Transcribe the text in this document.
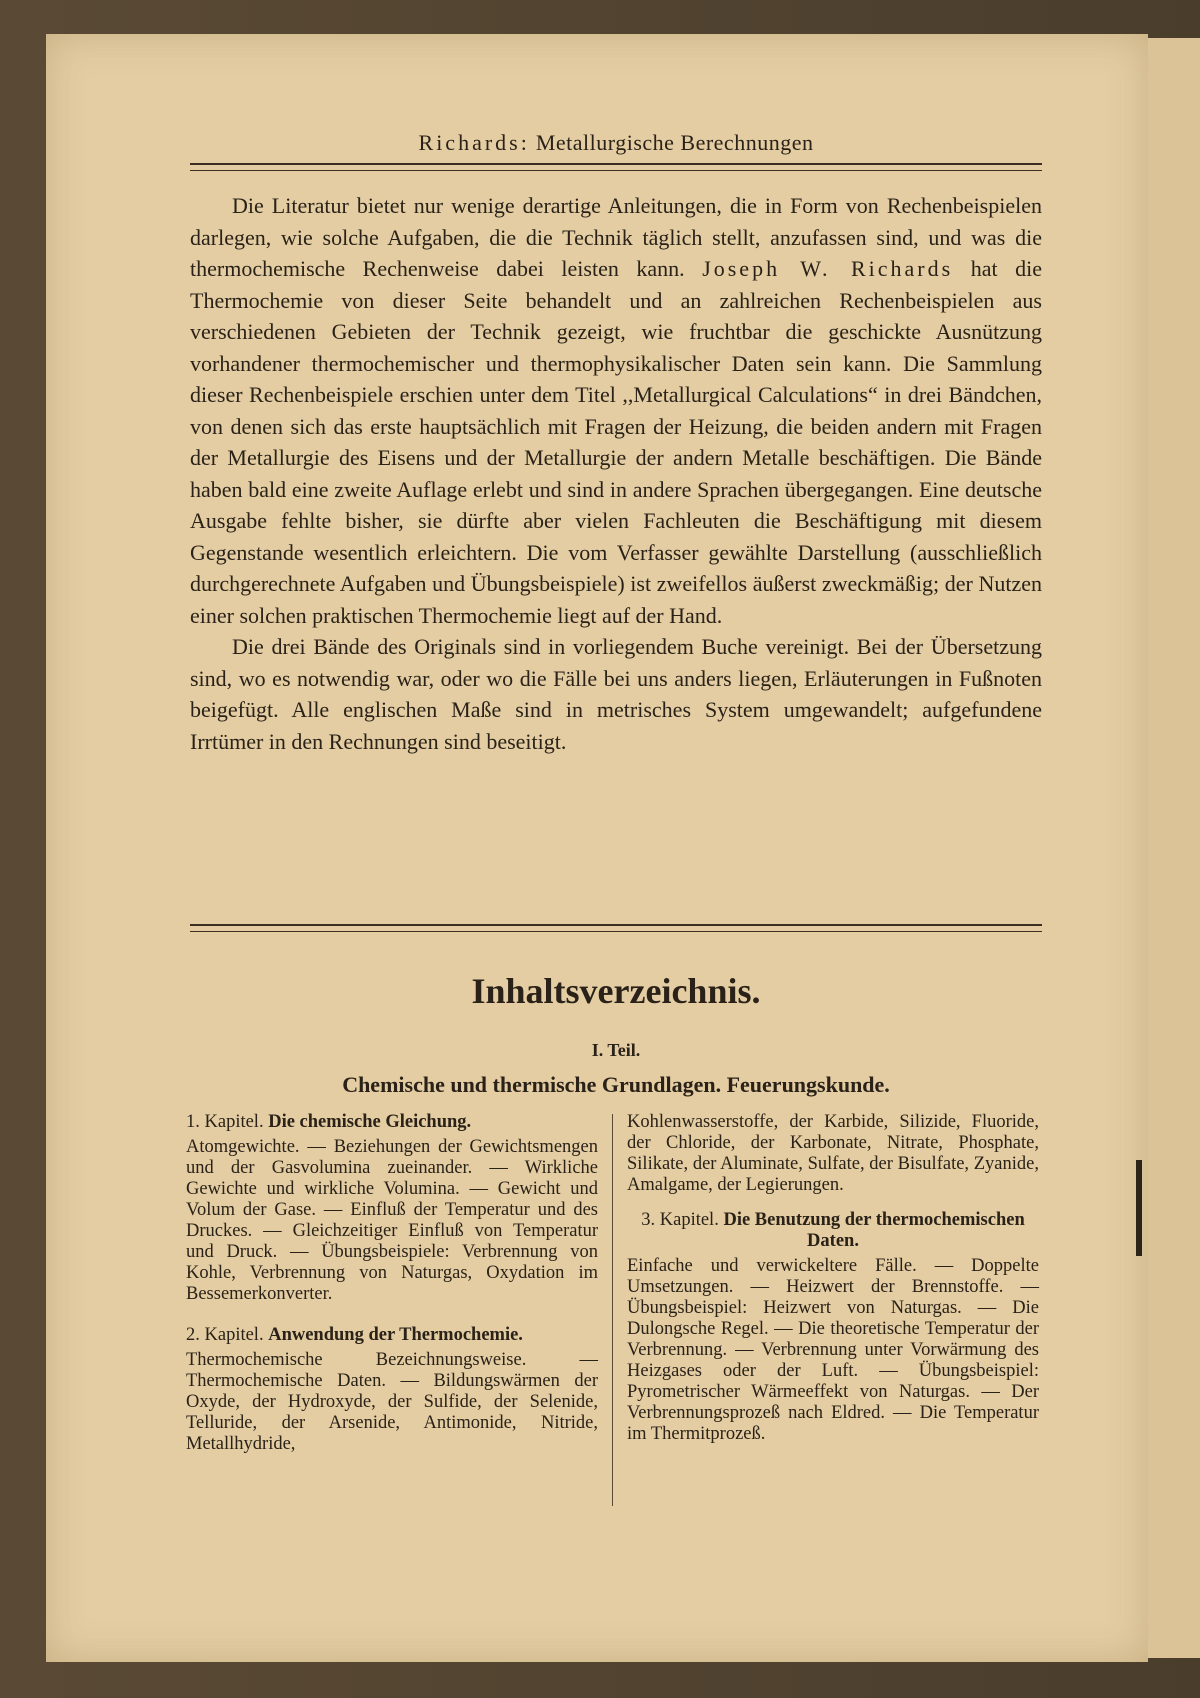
Richards: Metallurgische Berechnungen

Die Literatur bietet nur wenige derartige Anleitungen, die in Form von Rechenbeispielen darlegen, wie solche Aufgaben, die die Technik täglich stellt, anzufassen sind, und was die thermochemische Rechenweise dabei leisten kann. Joseph W. Richards hat die Thermochemie von dieser Seite behandelt und an zahlreichen Rechenbeispielen aus verschiedenen Gebieten der Technik gezeigt, wie fruchtbar die geschickte Ausnützung vorhandener thermochemischer und thermophysikalischer Daten sein kann. Die Sammlung dieser Rechenbeispiele erschien unter dem Titel ,,Metallurgical Calculations“ in drei Bändchen, von denen sich das erste hauptsächlich mit Fragen der Heizung, die beiden andern mit Fragen der Metallurgie des Eisens und der Metallurgie der andern Metalle beschäftigen. Die Bände haben bald eine zweite Auflage erlebt und sind in andere Sprachen übergegangen. Eine deutsche Ausgabe fehlte bisher, sie dürfte aber vielen Fachleuten die Beschäftigung mit diesem Gegenstande wesentlich erleichtern. Die vom Verfasser gewählte Darstellung (ausschließlich durchgerechnete Aufgaben und Übungsbeispiele) ist zweifellos äußerst zweckmäßig; der Nutzen einer solchen praktischen Thermochemie liegt auf der Hand.

Die drei Bände des Originals sind in vorliegendem Buche vereinigt. Bei der Übersetzung sind, wo es notwendig war, oder wo die Fälle bei uns anders liegen, Erläuterungen in Fußnoten beigefügt. Alle englischen Maße sind in metrisches System umgewandelt; aufgefundene Irrtümer in den Rechnungen sind beseitigt.

Inhaltsverzeichnis.
I. Teil.
Chemische und thermische Grundlagen. Feuerungskunde.
1. Kapitel. Die chemische Gleichung.
Atomgewichte. — Beziehungen der Gewichtsmengen und der Gasvolumina zueinander. — Wirkliche Gewichte und wirkliche Volumina. — Gewicht und Volum der Gase. — Einfluß der Temperatur und des Druckes. — Gleichzeitiger Einfluß von Temperatur und Druck. — Übungsbeispiele: Verbrennung von Kohle, Verbrennung von Naturgas, Oxydation im Bessemerkonverter.
2. Kapitel. Anwendung der Thermochemie.
Thermochemische Bezeichnungsweise. — Thermochemische Daten. — Bildungswärmen der Oxyde, der Hydroxyde, der Sulfide, der Selenide, Telluride, der Arsenide, Antimonide, Nitride, Metallhydride,
Kohlenwasserstoffe, der Karbide, Silizide, Fluoride, der Chloride, der Karbonate, Nitrate, Phosphate, Silikate, der Aluminate, Sulfate, der Bisulfate, Zyanide, Amalgame, der Legierungen.
3. Kapitel. Die Benutzung der thermochemischen Daten.
Einfache und verwickeltere Fälle. — Doppelte Umsetzungen. — Heizwert der Brennstoffe. — Übungsbeispiel: Heizwert von Naturgas. — Die Dulongsche Regel. — Die theoretische Temperatur der Verbrennung. — Verbrennung unter Vorwärmung des Heizgases oder der Luft. — Übungsbeispiel: Pyrometrischer Wärmeeffekt von Naturgas. — Der Verbrennungsprozeß nach Eldred. — Die Temperatur im Thermitprozeß.
